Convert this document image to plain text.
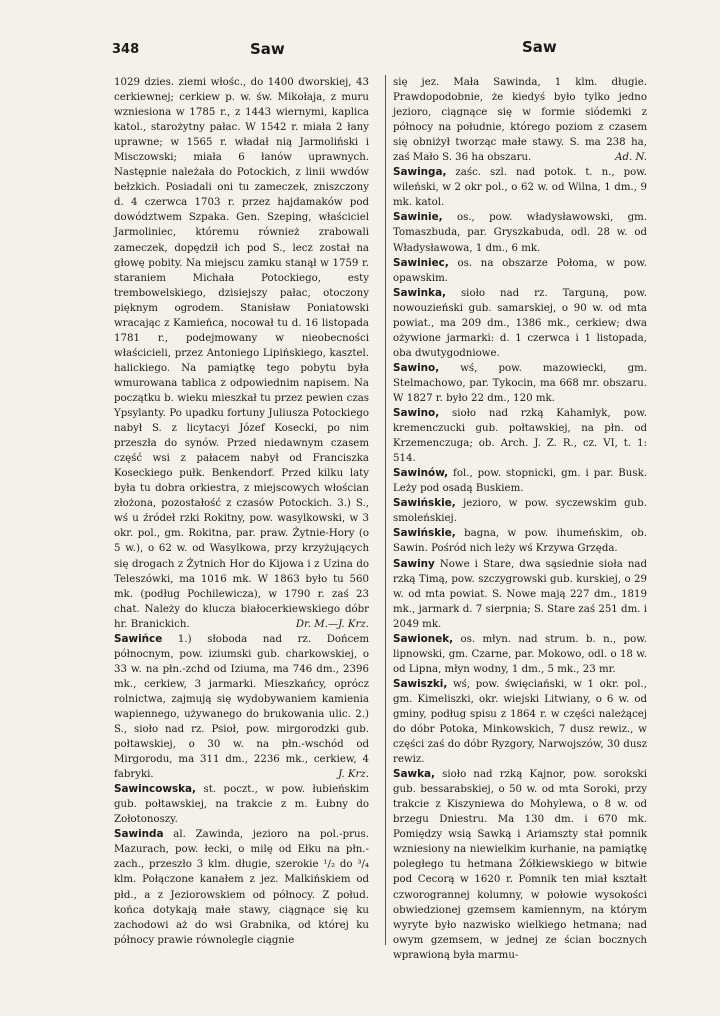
348	Saw	Saw

1029 dzies. ziemi włośc., do 1400 dworskiej, 43 cerkiewnej; cerkiew p. w. św. Mikołaja, z muru wzniesiona w 1785 r., z 1443 wiernymi, kaplica katol., starożytny pałac. W 1542 r. miała 2 łany uprawne; w 1565 r. władał nią Jarmoliński i Misczowski; miała 6 łanów uprawnych. Następnie należała do Potockich, z linii wwdów bełzkich. Posiadali oni tu zameczek, zniszczony d. 4 czerwca 1703 r. przez hajdamaków pod dowództwem Szpaka. Gen. Szeping, właściciel Jarmoliniec, któremu również zrabowali zameczek, dopędził ich pod S., lecz został na głowę pobity. Na miejscu zamku stanął w 1759 r. staraniem Michała Potockiego, esty trembowelskiego, dzisiejszy pałac, otoczony pięknym ogrodem. Stanisław Poniatowski wracając z Kamieńca, nocował tu d. 16 listopada 1781 r., podejmowany w nieobecności właścicieli, przez Antoniego Lipińskiego, kasztel. halickiego. Na pamiątkę tego pobytu była wmurowana tablica z odpowiednim napisem. Na początku b. wieku mieszkał tu przez pewien czas Ypsylanty. Po upadku fortuny Juliusza Potockiego nabył S. z licytacyi Józef Kosecki, po nim przeszła do synów. Przed niedawnym czasem część wsi z pałacem nabył od Franciszka Koseckiego pułk. Benkendorf. Przed kilku laty była tu dobra orkiestra, z miejscowych włościan złożona, pozostałość z czasów Potockich. 3.) S., wś u źródeł rzki Rokitny, pow. wasylkowski, w 3 okr. pol., gm. Rokitna, par. praw. Żytnie-Hory (o 5 w.), o 62 w. od Wasylkowa, przy krzyżujących się drogach z Żytnich Hor do Kijowa i z Uzina do Teleszówki, ma 1016 mk. W 1863 było tu 560 mk. (podług Pochilewicza), w 1790 r. zaś 23 chat. Należy do klucza białocerkiewskiego dóbr hr. Branickich.	Dr. M.—J. Krz.

Sawińce 1.) słoboda nad rz. Dońcem północnym, pow. iziumski gub. charkowskiej, o 33 w. na płn.-zchd od Iziuma, ma 746 dm., 2396 mk., cerkiew, 3 jarmarki. Mieszkańcy, oprócz rolnictwa, zajmują się wydobywaniem kamienia wapiennego, używanego do brukowania ulic. 2.) S., sioło nad rz. Psioł, pow. mirgorodzki gub. połtawskiej, o 30 w. na płn.-wschód od Mirgorodu, ma 311 dm., 2236 mk., cerkiew, 4 fabryki.	J. Krz.

Sawincowska, st. poczt., w pow. łubieńskim gub. połtawskiej, na trakcie z m. Łubny do Zołotonoszy.

Sawinda al. Zawinda, jezioro na pol.-prus. Mazurach, pow. łecki, o milę od Ełku na płn.-zach., przeszło 3 klm. długie, szerokie ¹/₂ do ³/₄ klm. Połączone kanałem z jez. Malkińskiem od płd., a z Jeziorowskiem od północy. Z połud. końca dotykają małe stawy, ciągnące się ku zachodowi aż do wsi Grabnika, od której ku północy prawie równolegle ciągnie

się jez. Mała Sawinda, 1 klm. długie. Prawdopodobnie, że kiedyś było tylko jedno jezioro, ciągnące się w formie siódemki z północy na południe, którego poziom z czasem się obniżył tworząc małe stawy. S. ma 238 ha, zaś Mało S. 36 ha obszaru.	Ad. N.

Sawinga, zaśc. szl. nad potok. t. n., pow. wileński, w 2 okr pol., o 62 w. od Wilna, 1 dm., 9 mk. katol.

Sawinie, os., pow. władysławowski, gm. Tomaszbuda, par. Gryszkabuda, odl. 28 w. od Władysławowa, 1 dm., 6 mk.

Sawiniec, os. na obszarze Połoma, w pow. opawskim.

Sawinka, sioło nad rz. Targuną, pow. nowouzieński gub. samarskiej, o 90 w. od mta powiat., ma 209 dm., 1386 mk., cerkiew; dwa ożywione jarmarki: d. 1 czerwca i 1 listopada, oba dwutygodniowe.

Sawino, wś, pow. mazowiecki, gm. Stelmachowo, par. Tykocin, ma 668 mr. obszaru. W 1827 r. było 22 dm., 120 mk.

Sawino, sioło nad rzką Kahamłyk, pow. kremenczucki gub. połtawskiej, na płn. od Krzemenczuga; ob. Arch. J. Z. R., cz. VI, t. 1: 514.

Sawinów, fol., pow. stopnicki, gm. i par. Busk. Leży pod osadą Buskiem.

Sawińskie, jezioro, w pow. syczewskim gub. smoleńskiej.

Sawińskie, bagna, w pow. ihumeńskim, ob. Sawin. Pośród nich leży wś Krzywa Grzęda.

Sawiny Nowe i Stare, dwa sąsiednie sioła nad rzką Timą, pow. szczygrowski gub. kurskiej, o 29 w. od mta powiat. S. Nowe mają 227 dm., 1819 mk., jarmark d. 7 sierpnia; S. Stare zaś 251 dm. i 2049 mk.

Sawionek, os. młyn. nad strum. b. n., pow. lipnowski, gm. Czarne, par. Mokowo, odl. o 18 w. od Lipna, młyn wodny, 1 dm., 5 mk., 23 mr.

Sawiszki, wś, pow. święciański, w 1 okr. pol., gm. Kimeliszki, okr. wiejski Litwiany, o 6 w. od gminy, podług spisu z 1864 r. w części należącej do dóbr Potoka, Minkowskich, 7 dusz rewiz., w części zaś do dóbr Ryzgory, Narwojszów, 30 dusz rewiz.

Sawka, sioło nad rzką Kajnor, pow. sorokski gub. bessarabskiej, o 50 w. od mta Soroki, przy trakcie z Kiszyniewa do Mohylewa, o 8 w. od brzegu Dniestru. Ma 130 dm. i 670 mk. Pomiędzy wsią Sawką i Ariamszty stał pomnik wzniesiony na niewielkim kurhanie, na pamiątkę poległego tu hetmana Żółkiewskiego w bitwie pod Cecorą w 1620 r. Pomnik ten miał kształt czworogrannej kolumny, w połowie wysokości obwiedzionej gzemsem kamiennym, na którym wyryte było nazwisko wielkiego hetmana; nad owym gzemsem, w jednej ze ścian bocznych wprawioną była marmu-
